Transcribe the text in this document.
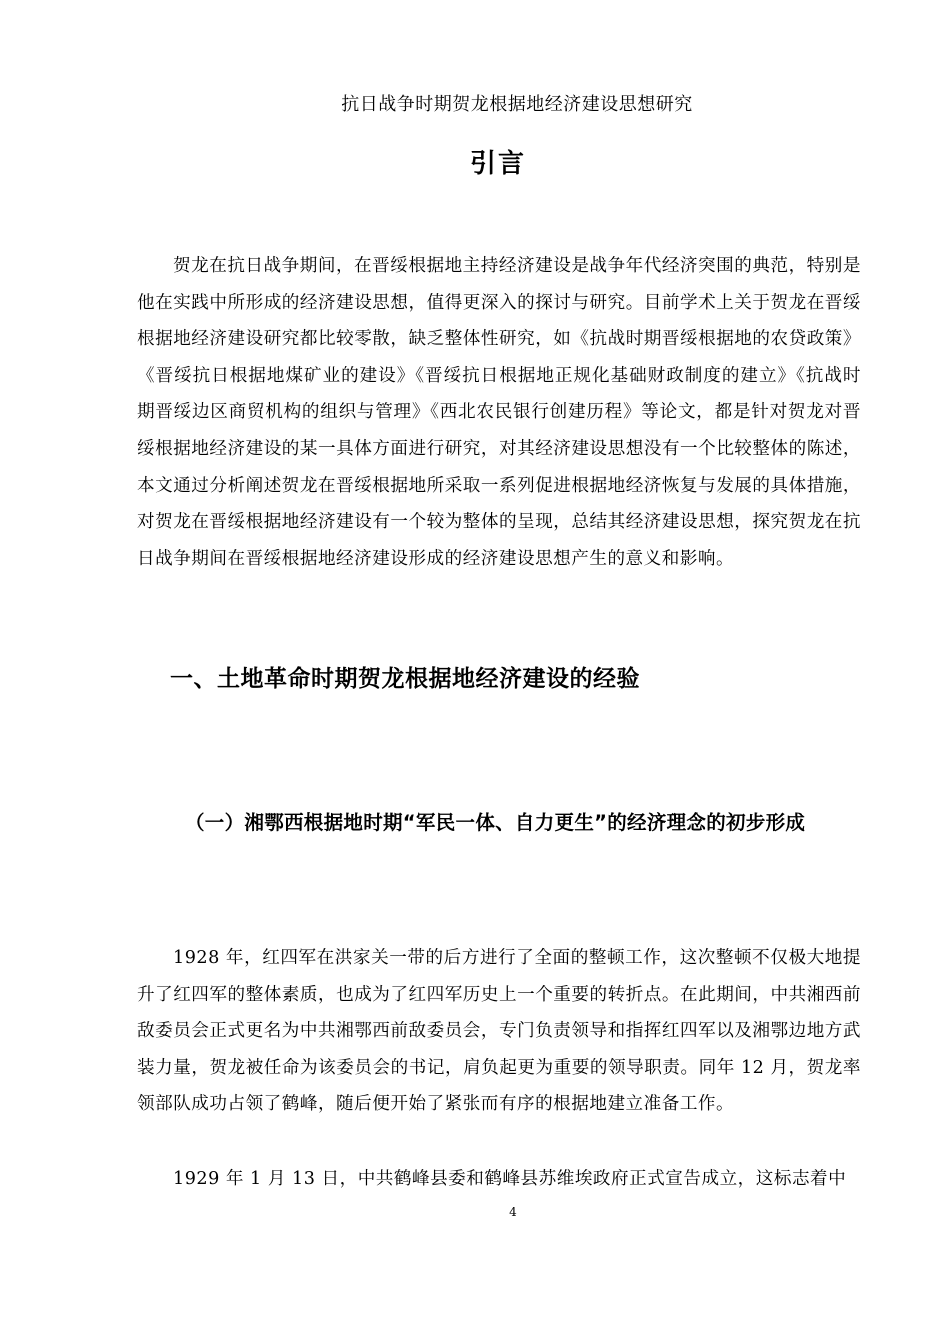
抗日战争时期贺龙根据地经济建设思想研究
引言

贺龙在抗日战争期间，在晋绥根据地主持经济建设是战争年代经济突围的典范，特别是他在实践中所形成的经济建设思想，值得更深入的探讨与研究。目前学术上关于贺龙在晋绥根据地经济建设研究都比较零散，缺乏整体性研究，如《抗战时期晋绥根据地的农贷政策》《晋绥抗日根据地煤矿业的建设》《晋绥抗日根据地正规化基础财政制度的建立》《抗战时期晋绥边区商贸机构的组织与管理》《西北农民银行创建历程》等论文，都是针对贺龙对晋绥根据地经济建设的某一具体方面进行研究，对其经济建设思想没有一个比较整体的陈述，本文通过分析阐述贺龙在晋绥根据地所采取一系列促进根据地经济恢复与发展的具体措施，对贺龙在晋绥根据地经济建设有一个较为整体的呈现，总结其经济建设思想，探究贺龙在抗日战争期间在晋绥根据地经济建设形成的经济建设思想产生的意义和影响。

一、土地革命时期贺龙根据地经济建设的经验

（一）湘鄂西根据地时期“军民一体、自力更生”的经济理念的初步形成

1928 年，红四军在洪家关一带的后方进行了全面的整顿工作，这次整顿不仅极大地提升了红四军的整体素质，也成为了红四军历史上一个重要的转折点。在此期间，中共湘西前敌委员会正式更名为中共湘鄂西前敌委员会，专门负责领导和指挥红四军以及湘鄂边地方武装力量，贺龙被任命为该委员会的书记，肩负起更为重要的领导职责。同年 12 月，贺龙率领部队成功占领了鹤峰，随后便开始了紧张而有序的根据地建立准备工作。

1929 年 1 月 13 日，中共鹤峰县委和鹤峰县苏维埃政府正式宣告成立，这标志着中

4
